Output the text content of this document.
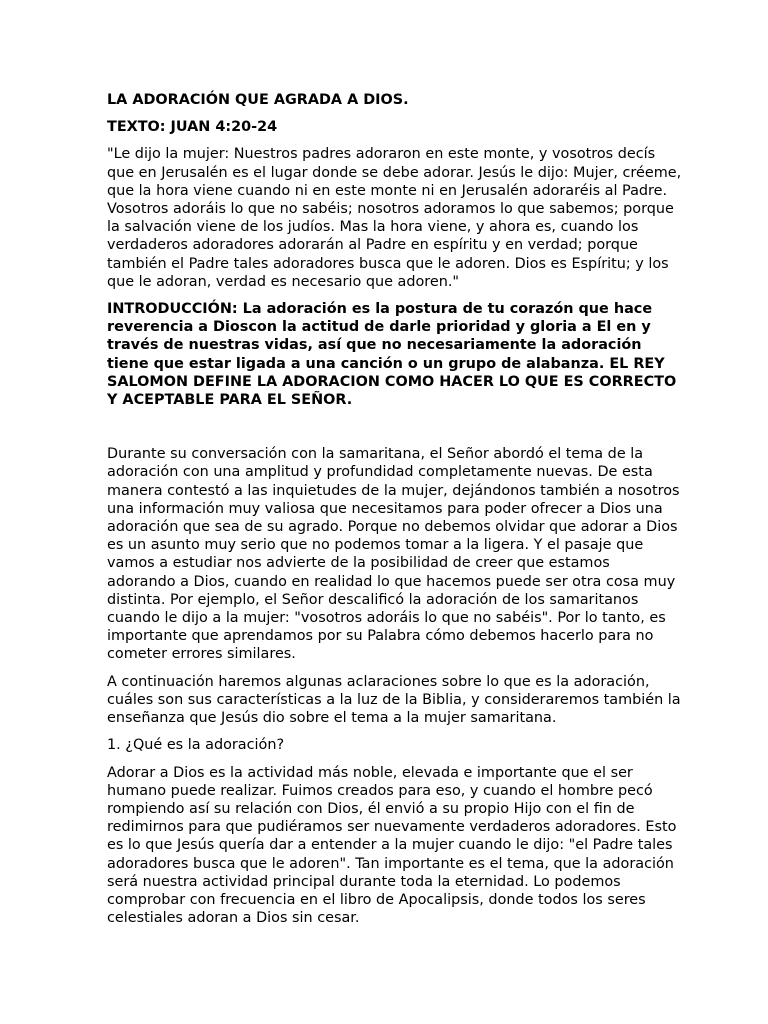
LA ADORACIÓN QUE AGRADA A DIOS.

TEXTO: JUAN 4:20-24

"Le dijo la mujer: Nuestros padres adoraron en este monte, y vosotros decís que en Jerusalén es el lugar donde se debe adorar. Jesús le dijo: Mujer, créeme, que la hora viene cuando ni en este monte ni en Jerusalén adoraréis al Padre. Vosotros adoráis lo que no sabéis; nosotros adoramos lo que sabemos; porque la salvación viene de los judíos. Mas la hora viene, y ahora es, cuando los verdaderos adoradores adorarán al Padre en espíritu y en verdad; porque también el Padre tales adoradores busca que le adoren. Dios es Espíritu; y los que le adoran, verdad es necesario que adoren."

INTRODUCCIÓN: La adoración es la postura de tu corazón que hace reverencia a Dioscon la actitud de darle prioridad y gloria a El en y través de nuestras vidas, así que no necesariamente la adoración tiene que estar ligada a una canción o un grupo de alabanza. EL REY SALOMON DEFINE LA ADORACION COMO HACER LO QUE ES CORRECTO Y ACEPTABLE PARA EL SEÑOR.

Durante su conversación con la samaritana, el Señor abordó el tema de la adoración con una amplitud y profundidad completamente nuevas. De esta manera contestó a las inquietudes de la mujer, dejándonos también a nosotros una información muy valiosa que necesitamos para poder ofrecer a Dios una adoración que sea de su agrado. Porque no debemos olvidar que adorar a Dios es un asunto muy serio que no podemos tomar a la ligera. Y el pasaje que vamos a estudiar nos advierte de la posibilidad de creer que estamos adorando a Dios, cuando en realidad lo que hacemos puede ser otra cosa muy distinta. Por ejemplo, el Señor descalificó la adoración de los samaritanos cuando le dijo a la mujer: "vosotros adoráis lo que no sabéis". Por lo tanto, es importante que aprendamos por su Palabra cómo debemos hacerlo para no cometer errores similares.

A continuación haremos algunas aclaraciones sobre lo que es la adoración, cuáles son sus características a la luz de la Biblia, y consideraremos también la enseñanza que Jesús dio sobre el tema a la mujer samaritana.

1. ¿Qué es la adoración?

Adorar a Dios es la actividad más noble, elevada e importante que el ser humano puede realizar. Fuimos creados para eso, y cuando el hombre pecó rompiendo así su relación con Dios, él envió a su propio Hijo con el fin de redimirnos para que pudiéramos ser nuevamente verdaderos adoradores. Esto es lo que Jesús quería dar a entender a la mujer cuando le dijo: "el Padre tales adoradores busca que le adoren". Tan importante es el tema, que la adoración será nuestra actividad principal durante toda la eternidad. Lo podemos comprobar con frecuencia en el libro de Apocalipsis, donde todos los seres celestiales adoran a Dios sin cesar.
